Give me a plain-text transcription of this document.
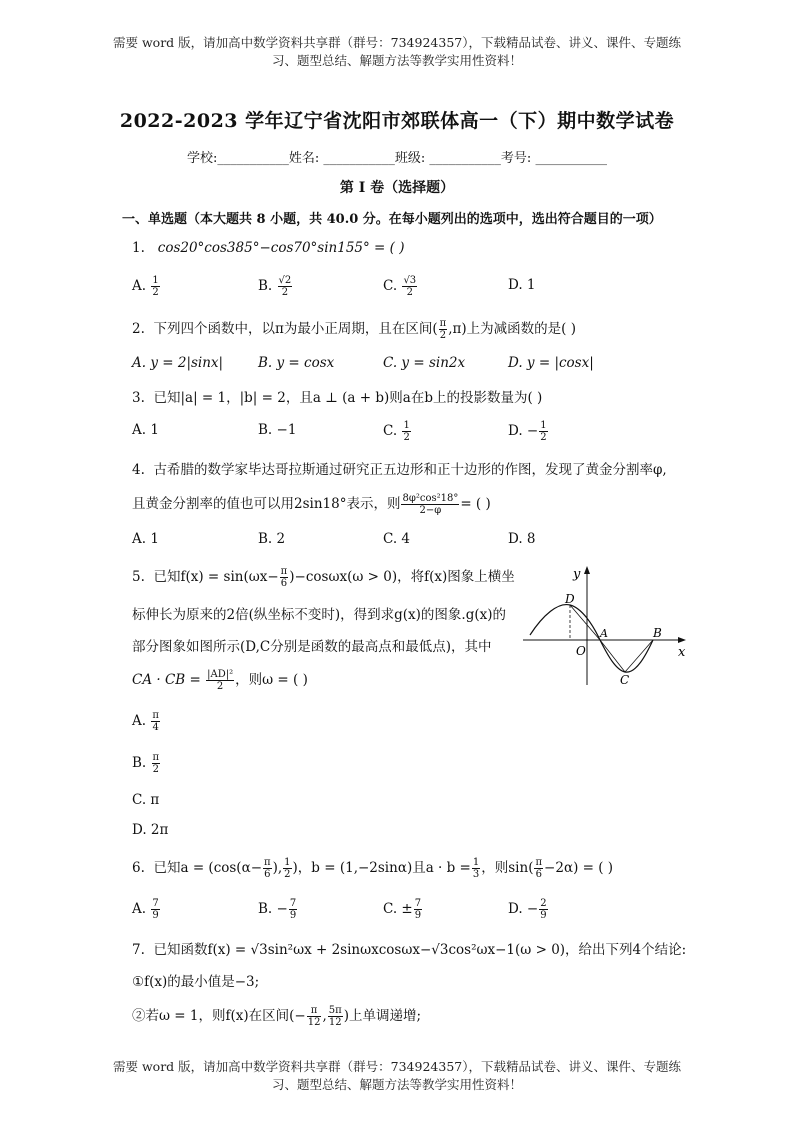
需要 word 版，请加高中数学资料共享群（群号：734924357），下载精品试卷、讲义、课件、专题练
习、题型总结、解题方法等教学实用性资料！
2022-2023 学年辽宁省沈阳市郊联体高一（下）期中数学试卷
学校:___________姓名: ___________班级: ___________考号: ___________
第 I 卷（选择题）
一、单选题（本大题共 8 小题，共 40.0 分。在每小题列出的选项中，选出符合题目的一项）
1. cos20°cos385°−cos70°sin155° = ( )
A. $\frac{1}{2}$	B. $\frac{√2}{2}$	C. $\frac{√3}{2}$	D. 1
2. 下列四个函数中，以π为最小正周期，且在区间( $\frac{\pi}{2} ,\pi$)上为减函数的是( )
A. y = 2|sinx|	B. y = cosx	C. y = sin2x	D. y = |cosx|
3. 已知|a| = 1，|b| = 2，且a ⊥ (a + b)则a在b上的投影数量为( )
A. 1	B. −1	C. $\frac{1}{2}$	D. − $\frac{1}{2}$
4. 古希腊的数学家毕达哥拉斯通过研究正五边形和正十边形的作图，发现了黄金分割率φ,
且黄金分割率的值也可以用2sin18°表示，则 $\frac{\text{8φ²cos²18°}}{2-\varphi}$ = ( )
A. 1	B. 2	C. 4	D. 8
5. 已知$f(x) = \sin(\omega x- \frac{\pi}{6} )-\cos\omega x(\omega > 0)$，将f(x)图象上横坐
标伸长为原来的2倍(纵坐标不变时)，得到求g(x)的图象.g(x)的
部分图象如图所示(D,C分别是函数的最高点和最低点)，其中
CA · CB = $\frac{\text{|AD|²}}{2}$ ，则ω = ( )
y
x
D
A	B
O
C
A. $\frac{\pi}{4}$
B. $\frac{\pi}{2}$
C. π
D. 2π
6. 已知$a = (\cos(\alpha- \frac{\pi}{6}$ ), $\frac{1}{2}$ )，b = (1,−2sinα)且$a \cdot b = \frac{1}{3}$ ，则$\sin( \frac{\pi}{6} -2\alpha)$ = ( )
A. $\frac{7}{9}$	B. − $\frac{7}{9}$	C. ± $\frac{7}{9}$	D. − $\frac{2}{9}$
7. 已知函数f(x) = √3sin²ωx + 2sinωxcosωx−√3cos²ωx−1(ω > 0)，给出下列4个结论:
①f(x)的最小值是−3;
②若ω = 1，则f(x)在区间(− $\frac{\pi}{12}$ , $\frac{5\pi}{12}$ )上单调递增;
需要 word 版，请加高中数学资料共享群（群号：734924357），下载精品试卷、讲义、课件、专题练
习、题型总结、解题方法等教学实用性资料！
